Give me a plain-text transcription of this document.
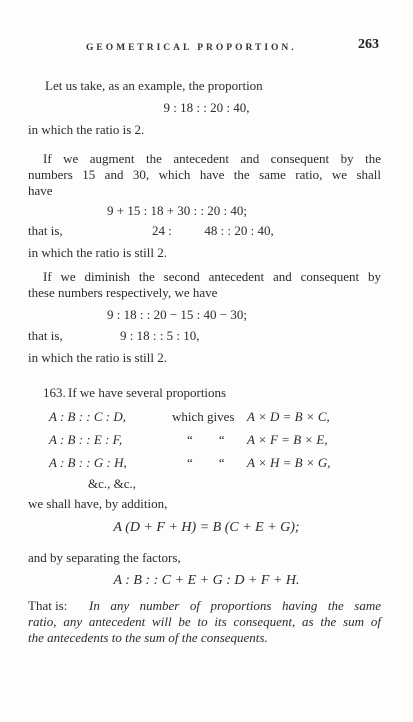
GEOMETRICAL PROPORTION.	263
Let us take, as an example, the proportion
9 : 18 : : 20 : 40,
in which the ratio is 2.
If we augment the antecedent and consequent by the
numbers 15 and 30, which have the same ratio, we shall
have
9 + 15 : 18 + 30 : : 20 : 40;
that is,	24 :          48 : : 20 : 40,
in which the ratio is still 2.
If we diminish the second antecedent and consequent by
these numbers respectively, we have
9 : 18 : : 20 − 15 : 40 − 30;
that is,	9 : 18 : : 5 : 10,
in which the ratio is still 2.
163. If we have several proportions
A : B : : C : D,	which gives A × D = B × C,
A : B : : E : F,	“        “ A × F = B × E,
A : B : : G : H,	“        “ A × H = B × G,
&c., &c.,
we shall have, by addition,
A (D + F + H) = B (C + E + G);
and by separating the factors,
A : B : : C + E + G : D + F + H.
That is: In any number of proportions having the same
ratio, any antecedent will be to its consequent, as the sum of
the antecedents to the sum of the consequents.
